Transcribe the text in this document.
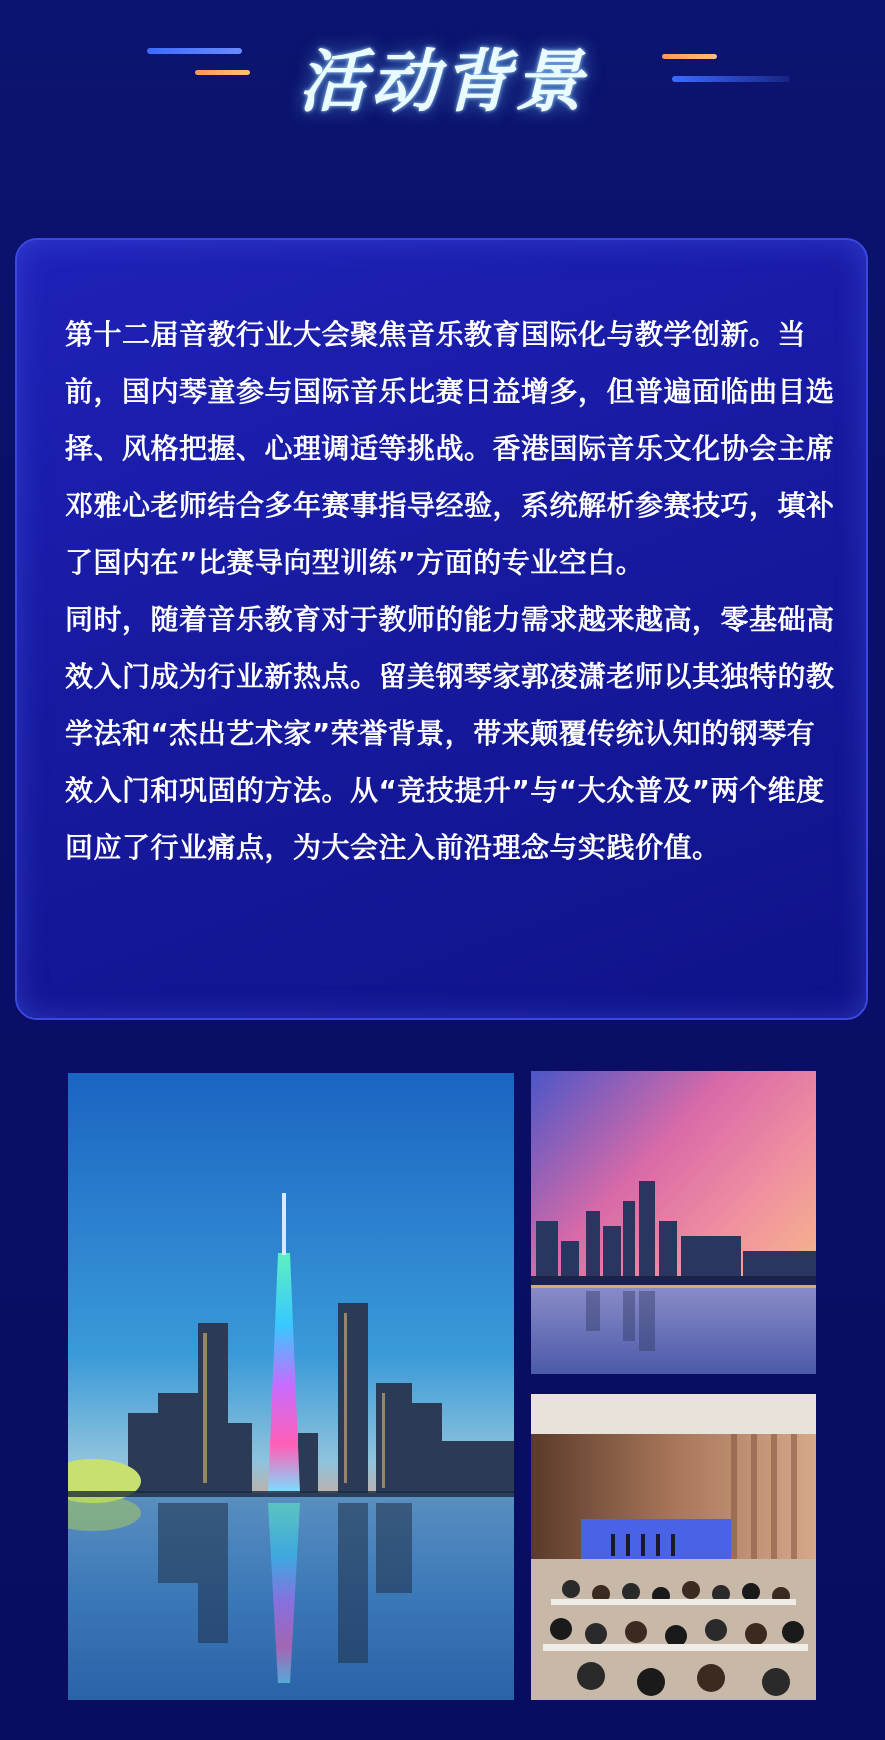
活动背景

第十二届音教行业大会聚焦音乐教育国际化与教学创新。当前，国内琴童参与国际音乐比赛日益增多，但普遍面临曲目选择、风格把握、心理调适等挑战。香港国际音乐文化协会主席邓雅心老师结合多年赛事指导经验，系统解析参赛技巧，填补了国内在”比赛导向型训练”方面的专业空白。

同时，随着音乐教育对于教师的能力需求越来越高，零基础高效入门成为行业新热点。留美钢琴家郭凌潇老师以其独特的教学法和“杰出艺术家”荣誉背景，带来颠覆传统认知的钢琴有效入门和巩固的方法。从“竞技提升”与“大众普及”两个维度回应了行业痛点，为大会注入前沿理念与实践价值。
